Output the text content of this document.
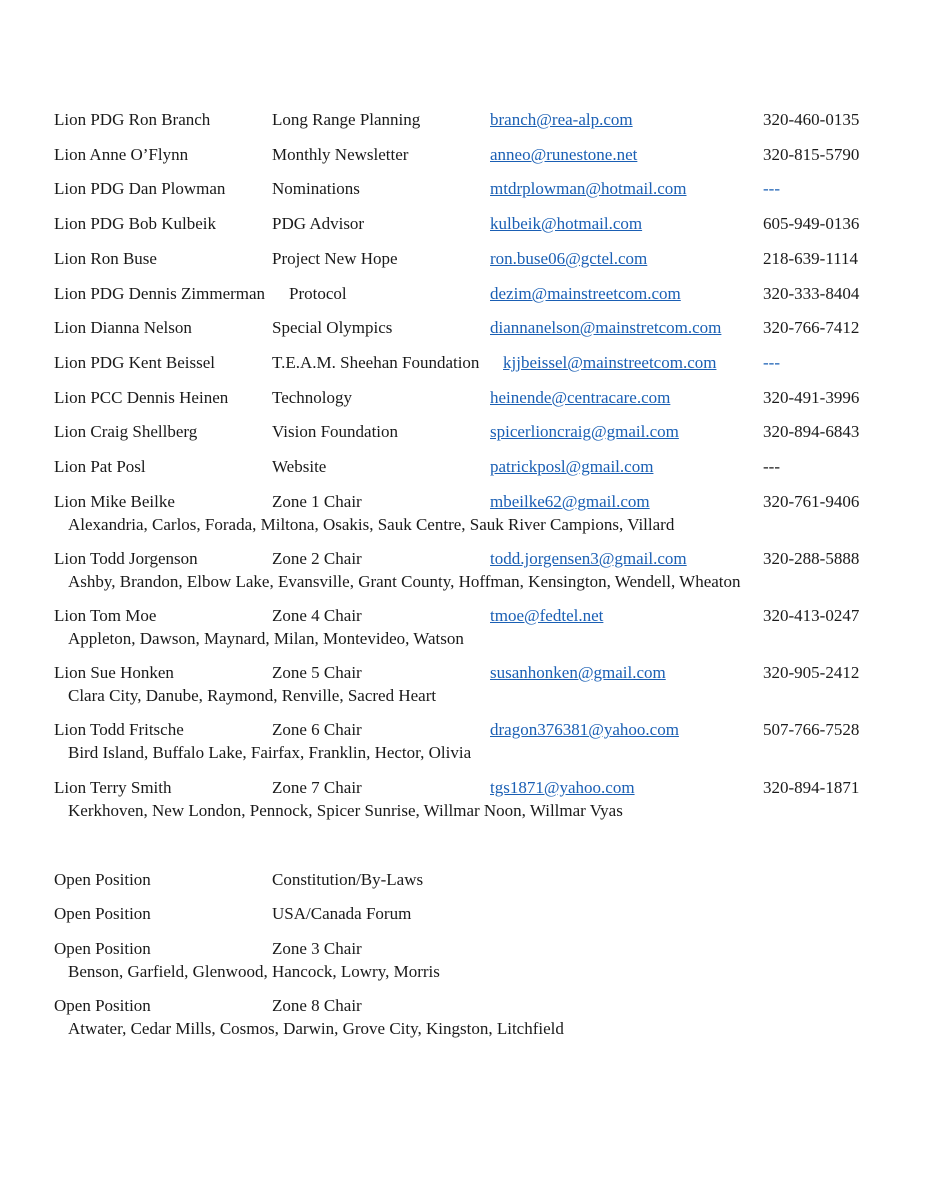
Lion PDG Ron Branch	Long Range Planning	branch@rea-alp.com	320-460-0135
Lion Anne O’Flynn	Monthly Newsletter	anneo@runestone.net	320-815-5790
Lion PDG Dan Plowman	Nominations	mtdrplowman@hotmail.com	---
Lion PDG Bob Kulbeik	PDG Advisor	kulbeik@hotmail.com	605-949-0136
Lion Ron Buse	Project New Hope	ron.buse06@gctel.com	218-639-1114
Lion PDG Dennis Zimmerman Protocol	dezim@mainstreetcom.com	320-333-8404
Lion Dianna Nelson	Special Olympics	diannanelson@mainstretcom.com 320-766-7412
Lion PDG Kent Beissel	T.E.A.M. Sheehan Foundation kjjbeissel@mainstreetcom.com	---
Lion PCC Dennis Heinen	Technology	heinende@centracare.com	320-491-3996
Lion Craig Shellberg	Vision Foundation	spicerlioncraig@gmail.com	320-894-6843
Lion Pat Posl	Website	patrickposl@gmail.com	---
Lion Mike Beilke	Zone 1 Chair	mbeilke62@gmail.com	320-761-9406
Alexandria, Carlos, Forada, Miltona, Osakis, Sauk Centre, Sauk River Campions, Villard
Lion Todd Jorgenson	Zone 2 Chair	todd.jorgensen3@gmail.com	320-288-5888
Ashby, Brandon, Elbow Lake, Evansville, Grant County, Hoffman, Kensington, Wendell, Wheaton
Lion Tom Moe	Zone 4 Chair	tmoe@fedtel.net	320-413-0247
Appleton, Dawson, Maynard, Milan, Montevideo, Watson
Lion Sue Honken	Zone 5 Chair	susanhonken@gmail.com	320-905-2412
Clara City, Danube, Raymond, Renville, Sacred Heart
Lion Todd Fritsche	Zone 6 Chair	dragon376381@yahoo.com	507-766-7528
Bird Island, Buffalo Lake, Fairfax, Franklin, Hector, Olivia
Lion Terry Smith	Zone 7 Chair	tgs1871@yahoo.com	320-894-1871
Kerkhoven, New London, Pennock, Spicer Sunrise, Willmar Noon, Willmar Vyas
Open Position	Constitution/By-Laws
Open Position	USA/Canada Forum
Open Position	Zone 3 Chair
Benson, Garfield, Glenwood, Hancock, Lowry, Morris
Open Position	Zone 8 Chair
Atwater, Cedar Mills, Cosmos, Darwin, Grove City, Kingston, Litchfield
